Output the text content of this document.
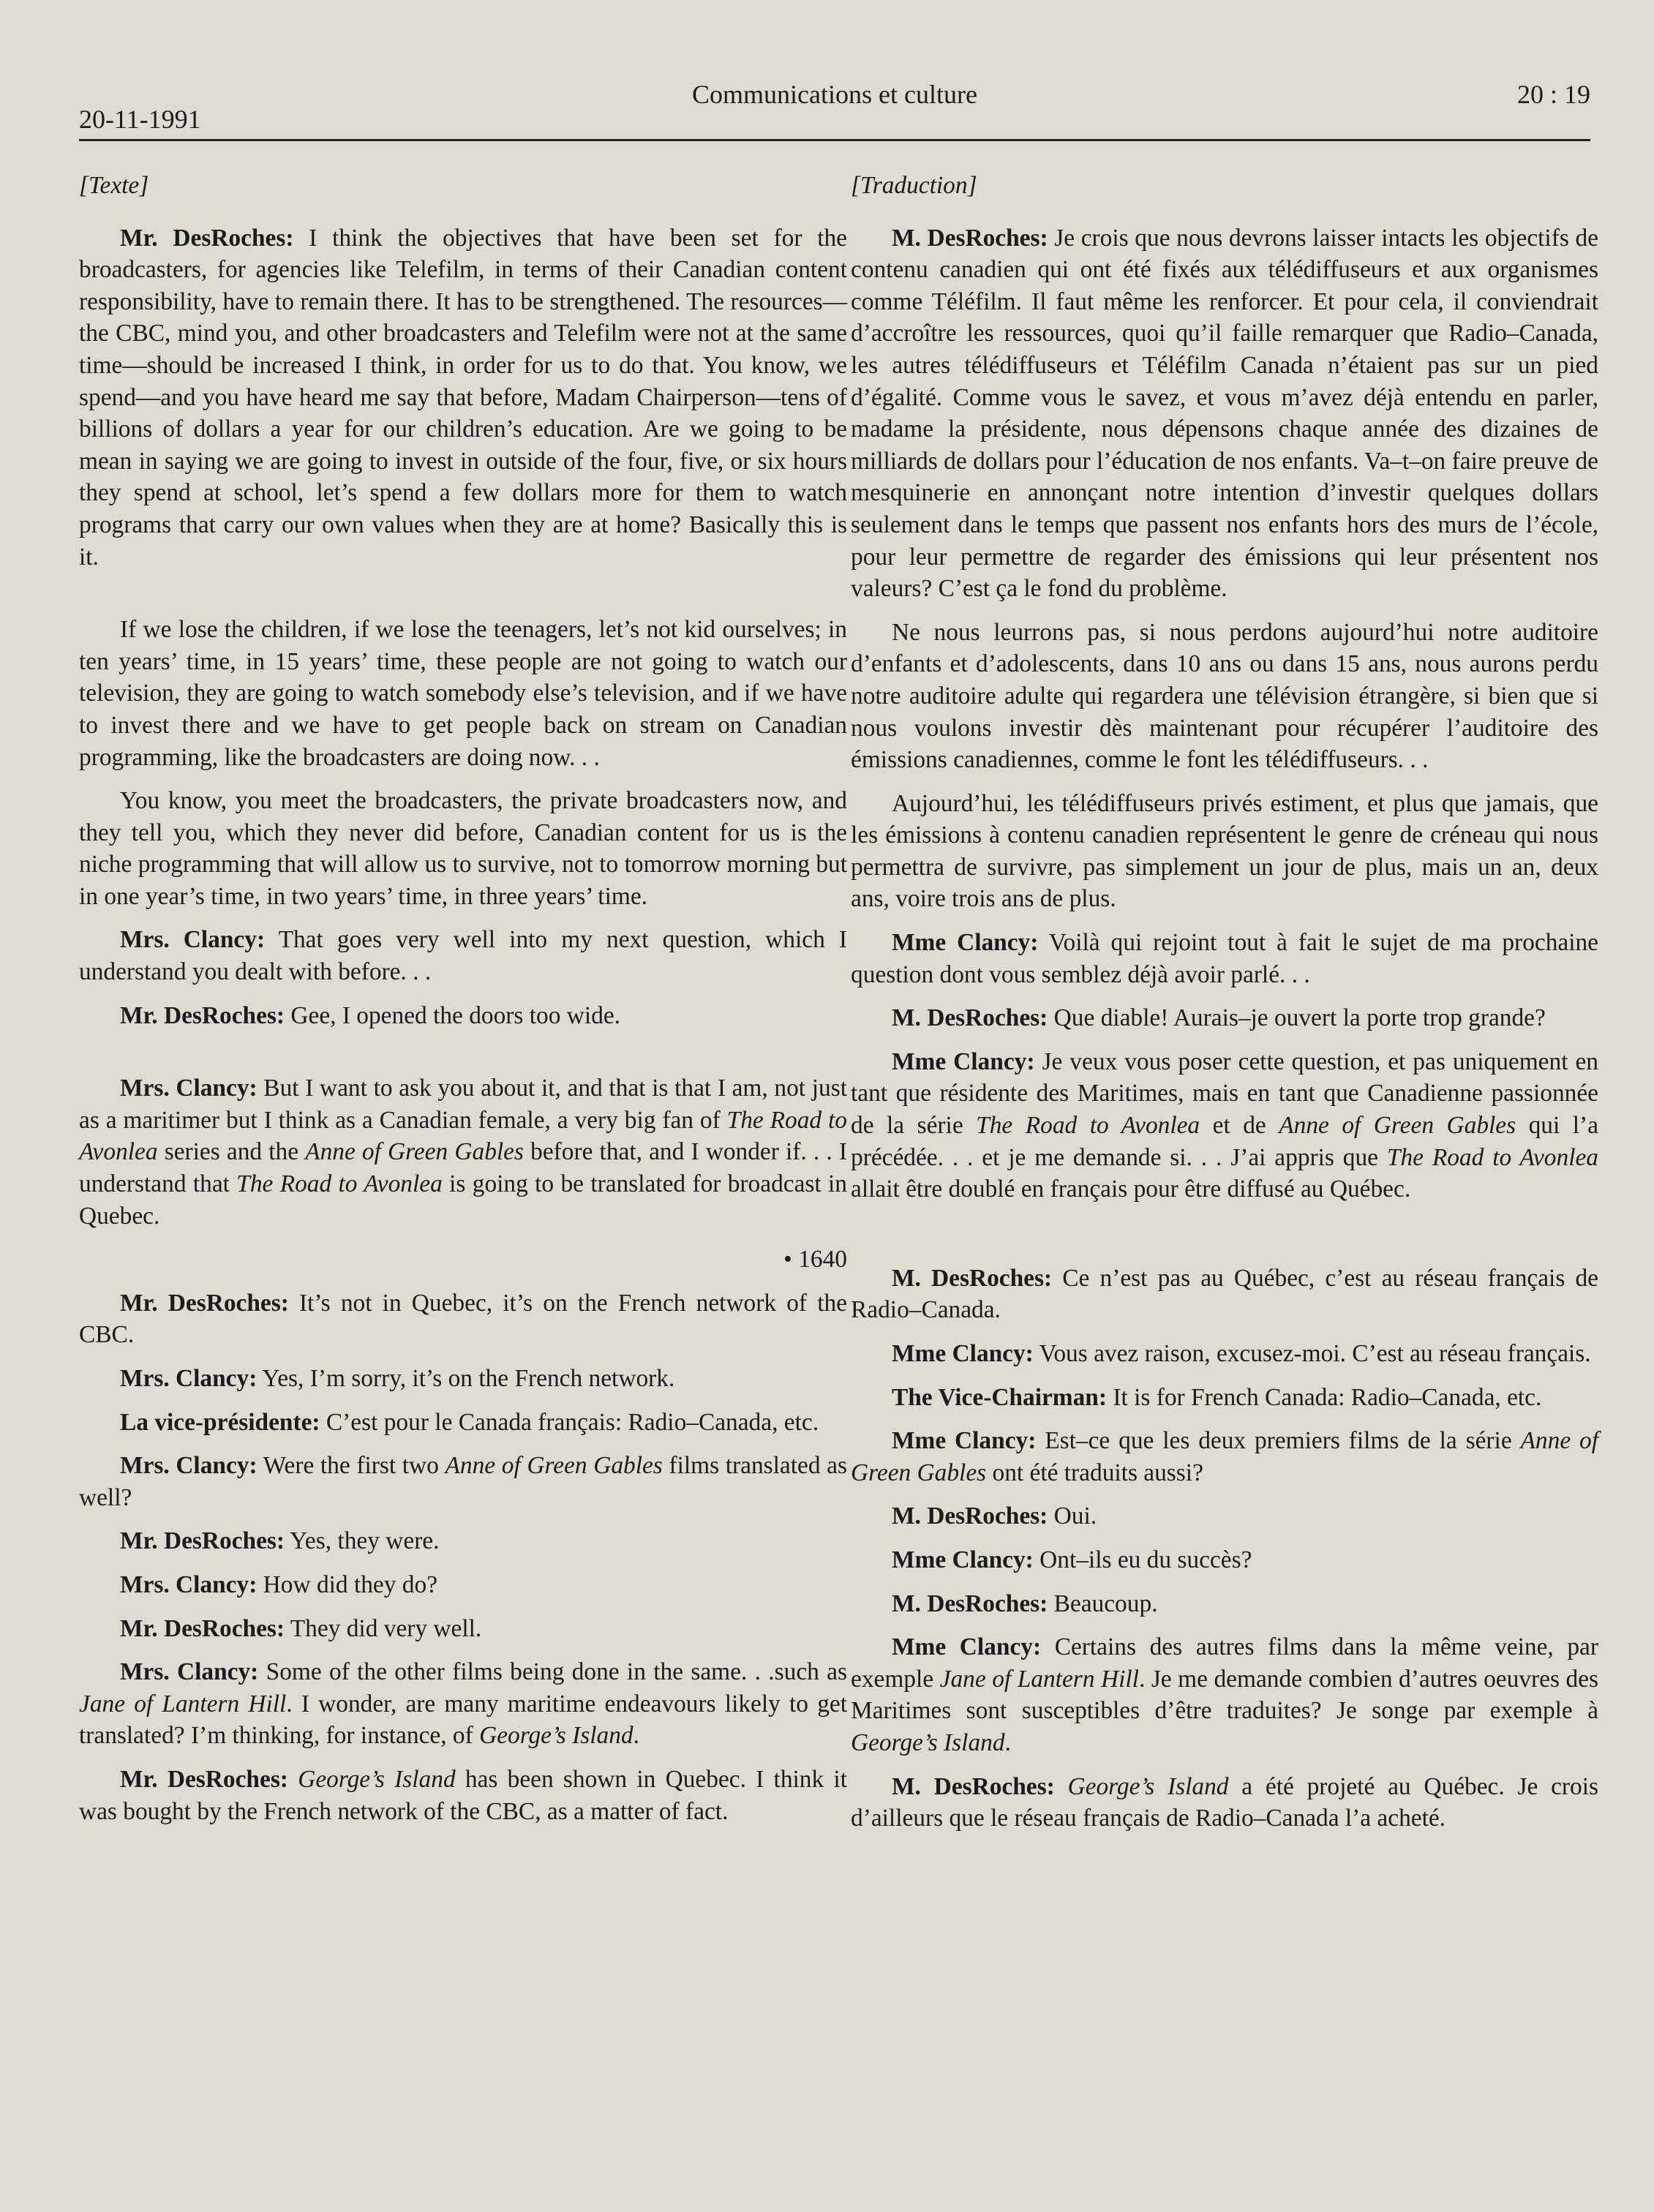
20-11-1991
Communications et culture	20 : 19

[Texte]

Mr. DesRoches: I think the objectives that have been set for the broadcasters, for agencies like Telefilm, in terms of their Canadian content responsibility, have to remain there. It has to be strengthened. The resources—the CBC, mind you, and other broadcasters and Telefilm were not at the same time—should be increased I think, in order for us to do that. You know, we spend—and you have heard me say that before, Madam Chairperson—tens of billions of dollars a year for our children’s education. Are we going to be mean in saying we are going to invest in outside of the four, five, or six hours they spend at school, let’s spend a few dollars more for them to watch programs that carry our own values when they are at home? Basically this is it.

If we lose the children, if we lose the teenagers, let’s not kid ourselves; in ten years’ time, in 15 years’ time, these people are not going to watch our television, they are going to watch somebody else’s television, and if we have to invest there and we have to get people back on stream on Canadian programming, like the broadcasters are doing now. . .

You know, you meet the broadcasters, the private broadcasters now, and they tell you, which they never did before, Canadian content for us is the niche programming that will allow us to survive, not to tomorrow morning but in one year’s time, in two years’ time, in three years’ time.

Mrs. Clancy: That goes very well into my next question, which I understand you dealt with before. . .

Mr. DesRoches: Gee, I opened the doors too wide.

Mrs. Clancy: But I want to ask you about it, and that is that I am, not just as a maritimer but I think as a Canadian female, a very big fan of The Road to Avonlea series and the Anne of Green Gables before that, and I wonder if. . . I understand that The Road to Avonlea is going to be translated for broadcast in Quebec.

• 1640

Mr. DesRoches: It’s not in Quebec, it’s on the French network of the CBC.

Mrs. Clancy: Yes, I’m sorry, it’s on the French network.

La vice-présidente: C’est pour le Canada français: Radio–Canada, etc.

Mrs. Clancy: Were the first two Anne of Green Gables films translated as well?

Mr. DesRoches: Yes, they were.

Mrs. Clancy: How did they do?

Mr. DesRoches: They did very well.

Mrs. Clancy: Some of the other films being done in the same. . .such as Jane of Lantern Hill. I wonder, are many maritime endeavours likely to get translated? I’m thinking, for instance, of George’s Island.

Mr. DesRoches: George’s Island has been shown in Quebec. I think it was bought by the French network of the CBC, as a matter of fact.

[Traduction]

M. DesRoches: Je crois que nous devrons laisser intacts les objectifs de contenu canadien qui ont été fixés aux télédiffuseurs et aux organismes comme Téléfilm. Il faut même les renforcer. Et pour cela, il conviendrait d’accroître les ressources, quoi qu’il faille remarquer que Radio–Canada, les autres télédiffuseurs et Téléfilm Canada n’étaient pas sur un pied d’égalité. Comme vous le savez, et vous m’avez déjà entendu en parler, madame la présidente, nous dépensons chaque année des dizaines de milliards de dollars pour l’éducation de nos enfants. Va–t–on faire preuve de mesquinerie en annonçant notre intention d’investir quelques dollars seulement dans le temps que passent nos enfants hors des murs de l’école, pour leur permettre de regarder des émissions qui leur présentent nos valeurs? C’est ça le fond du problème.

Ne nous leurrons pas, si nous perdons aujourd’hui notre auditoire d’enfants et d’adolescents, dans 10 ans ou dans 15 ans, nous aurons perdu notre auditoire adulte qui regardera une télévision étrangère, si bien que si nous voulons investir dès maintenant pour récupérer l’auditoire des émissions canadiennes, comme le font les télédiffuseurs. . .

Aujourd’hui, les télédiffuseurs privés estiment, et plus que jamais, que les émissions à contenu canadien représentent le genre de créneau qui nous permettra de survivre, pas simplement un jour de plus, mais un an, deux ans, voire trois ans de plus.

Mme Clancy: Voilà qui rejoint tout à fait le sujet de ma prochaine question dont vous semblez déjà avoir parlé. . .

M. DesRoches: Que diable! Aurais–je ouvert la porte trop grande?

Mme Clancy: Je veux vous poser cette question, et pas uniquement en tant que résidente des Maritimes, mais en tant que Canadienne passionnée de la série The Road to Avonlea et de Anne of Green Gables qui l’a précédée. . . et je me demande si. . . J’ai appris que The Road to Avonlea allait être doublé en français pour être diffusé au Québec.

M. DesRoches: Ce n’est pas au Québec, c’est au réseau français de Radio–Canada.

Mme Clancy: Vous avez raison, excusez-moi. C’est au réseau français.

The Vice-Chairman: It is for French Canada: Radio–Canada, etc.

Mme Clancy: Est–ce que les deux premiers films de la série Anne of Green Gables ont été traduits aussi?

M. DesRoches: Oui.

Mme Clancy: Ont–ils eu du succès?

M. DesRoches: Beaucoup.

Mme Clancy: Certains des autres films dans la même veine, par exemple Jane of Lantern Hill. Je me demande combien d’autres oeuvres des Maritimes sont susceptibles d’être traduites? Je songe par exemple à George’s Island.

M. DesRoches: George’s Island a été projeté au Québec. Je crois d’ailleurs que le réseau français de Radio–Canada l’a acheté.
